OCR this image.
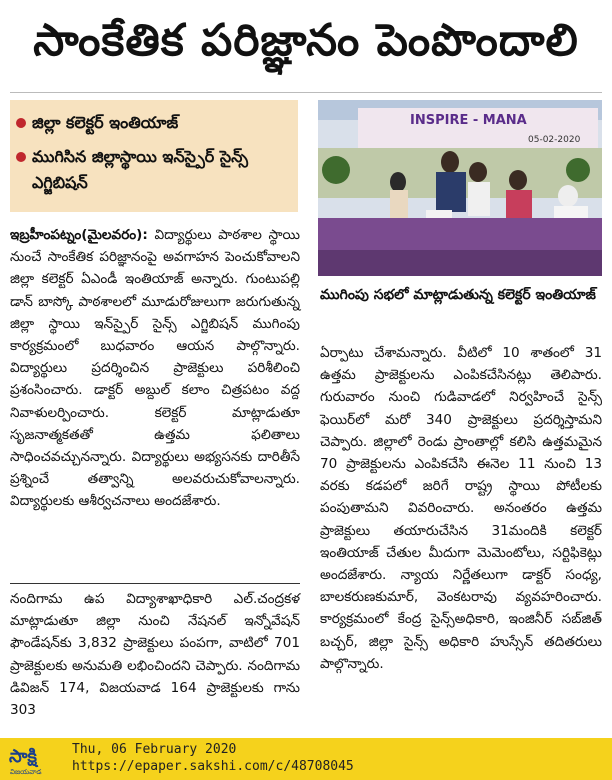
సాంకేతిక పరిజ్ఞానం పెంపొందాలి
జిల్లా కలెక్టర్ ఇంతియాజ్
ముగిసిన జిల్లాస్థాయి ఇన్‌స్పైర్ సైన్స్ ఎగ్జిబిషన్
INSPIRE - MANA
05-02-2020
ముగింపు సభలో మాట్లాడుతున్న కలెక్టర్ ఇంతియాజ్

ఇబ్రహీంపట్నం(మైలవరం): విద్యార్థులు పాఠశాల స్థాయి నుంచే సాంకేతిక పరిజ్ఞానంపై అవగాహన పెంచుకోవాలని జిల్లా కలెక్టర్ ఏఎండీ ఇంతియాజ్ అన్నారు. గుంటుపల్లి డాన్ బాస్కో పాఠశాలలో మూడురోజులుగా జరుగుతున్న జిల్లా స్థాయి ఇన్‌స్పైర్ సైన్స్ ఎగ్జిబిషన్ ముగింపు కార్యక్రమంలో బుధవారం ఆయన పాల్గొన్నారు. విద్యార్థులు ప్రదర్శించిన ప్రాజెక్టులు పరిశీలించి ప్రశంసించారు. డాక్టర్ అబ్దుల్ కలాం చిత్రపటం వద్ద నివాళులర్పించారు. కలెక్టర్ మాట్లాడుతూ సృజనాత్మకతతో ఉత్తమ ఫలితాలు సాధించవచ్చునన్నారు. విద్యార్థులు అభ్యసనకు దారితీసే ప్రశ్నించే తత్వాన్ని అలవరుచుకోవాలన్నారు. విద్యార్థులకు ఆశీర్వచనాలు అందజేశారు.

నందిగామ ఉప విద్యాశాఖాధికారి ఎల్.చంద్రకళ మాట్లాడుతూ జిల్లా నుంచి నేషనల్ ఇన్నోవేషన్ ఫౌండేషన్‌కు 3,832 ప్రాజెక్టులు పంపగా, వాటిలో 701 ప్రాజెక్టులకు అనుమతి లభించిందని చెప్పారు. నందిగామ డివిజన్ 174, విజయవాడ 164 ప్రాజెక్టులకు గాను 303

ఏర్పాటు చేశామన్నారు. వీటిలో 10 శాతంలో 31 ఉత్తమ ప్రాజెక్టులను ఎంపికచేసినట్లు తెలిపారు. గురువారం నుంచి గుడివాడలో నిర్వహించే సైన్స్ ఫెయిర్‌లో మరో 340 ప్రాజెక్టులు ప్రదర్శిస్తామని చెప్పారు. జిల్లాలో రెండు ప్రాంతాల్లో కలిసి ఉత్తమమైన 70 ప్రాజెక్టులను ఎంపికచేసి ఈనెల 11 నుంచి 13 వరకు కడపలో జరిగే రాష్ట్ర స్థాయి పోటీలకు పంపుతామని వివరించారు. అనంతరం ఉత్తమ ప్రాజెక్టులు తయారుచేసిన 31మందికి కలెక్టర్ ఇంతియాజ్ చేతుల మీదుగా మెమెంటోలు, సర్టిఫికెట్లు అందజేశారు. న్యాయ నిర్ణేతలుగా డాక్టర్ సంధ్య, బాలకరుణకుమార్, వెంకటరావు వ్యవహరించారు. కార్యక్రమంలో కేంద్ర సైన్స్‌అధికారి, ఇంజినీర్ సబ్‌జిత్ బచ్చర్, జిల్లా సైన్స్ అధికారి హుస్సేన్ తదితరులు పాల్గొన్నారు.

సాక్షి
విజయవాడ
Thu, 06 February 2020
https://epaper.sakshi.com/c/48708045
